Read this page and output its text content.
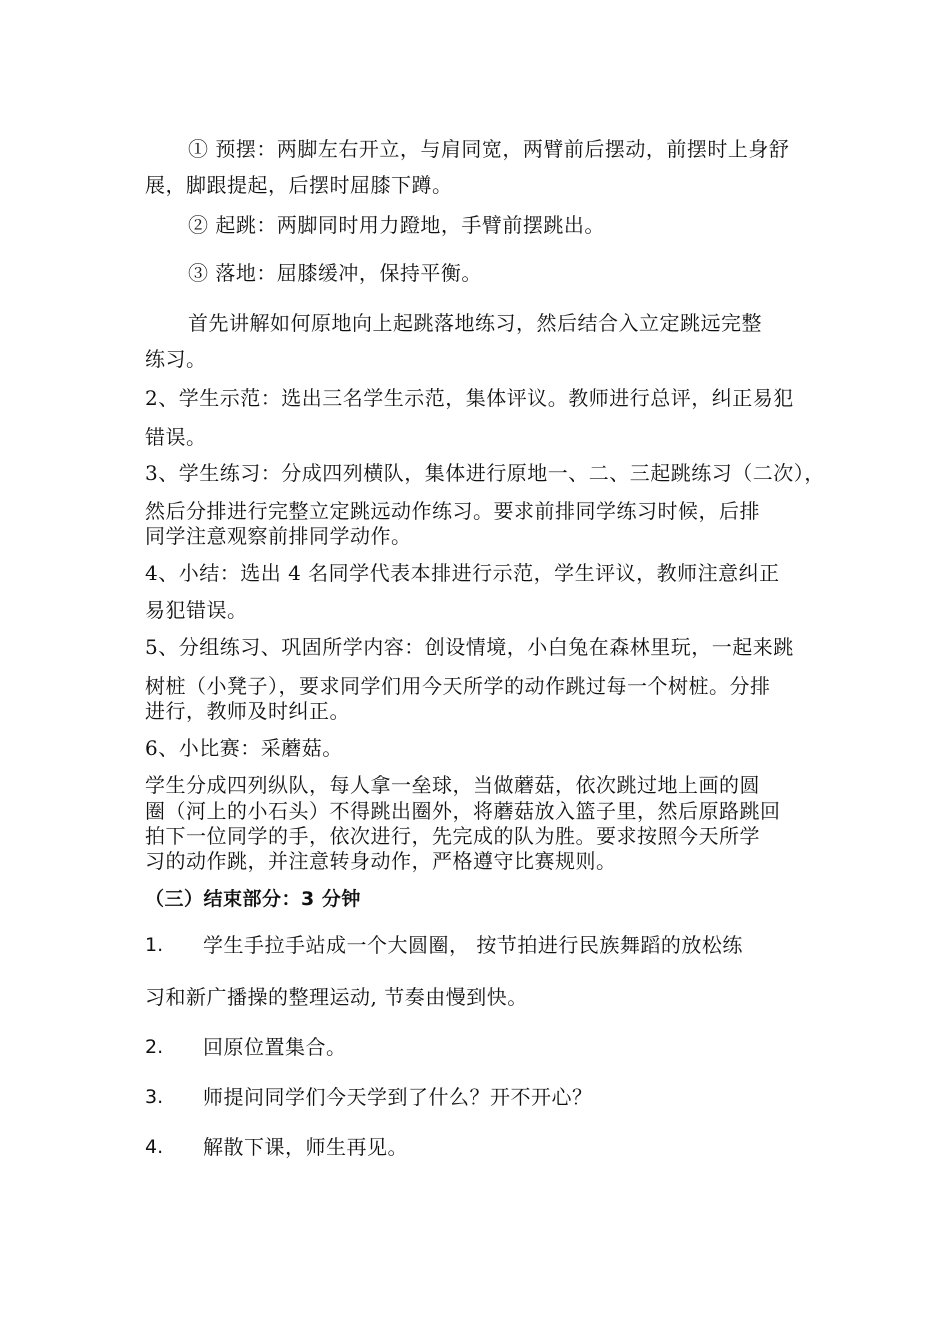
① 预摆：两脚左右开立，与肩同宽，两臂前后摆动，前摆时上身舒
展，脚跟提起，后摆时屈膝下蹲。
② 起跳：两脚同时用力蹬地，手臂前摆跳出。
③ 落地：屈膝缓冲，保持平衡。
首先讲解如何原地向上起跳落地练习，然后结合入立定跳远完整
练习。
2、学生示范：选出三名学生示范，集体评议。教师进行总评，纠正易犯
错误。
3、学生练习：分成四列横队，集体进行原地一、二、三起跳练习（二次），
然后分排进行完整立定跳远动作练习。要求前排同学练习时候，后排
同学注意观察前排同学动作。
4、小结：选出 4 名同学代表本排进行示范，学生评议，教师注意纠正
易犯错误。
5、分组练习、巩固所学内容：创设情境，小白兔在森林里玩，一起来跳
树桩（小凳子），要求同学们用今天所学的动作跳过每一个树桩。分排
进行，教师及时纠正。
6、小比赛：采蘑菇。
学生分成四列纵队，每人拿一垒球，当做蘑菇，依次跳过地上画的圆
圈（河上的小石头）不得跳出圈外，将蘑菇放入篮子里，然后原路跳回
拍下一位同学的手，依次进行，先完成的队为胜。要求按照今天所学
习的动作跳，并注意转身动作，严格遵守比赛规则。
（三）结束部分：3 分钟
1. 学生手拉手站成一个大圆圈， 按节拍进行民族舞蹈的放松练
习和新广播操的整理运动, 节奏由慢到快。
2. 回原位置集合。
3. 师提问同学们今天学到了什么？开不开心？
4. 解散下课，师生再见。
